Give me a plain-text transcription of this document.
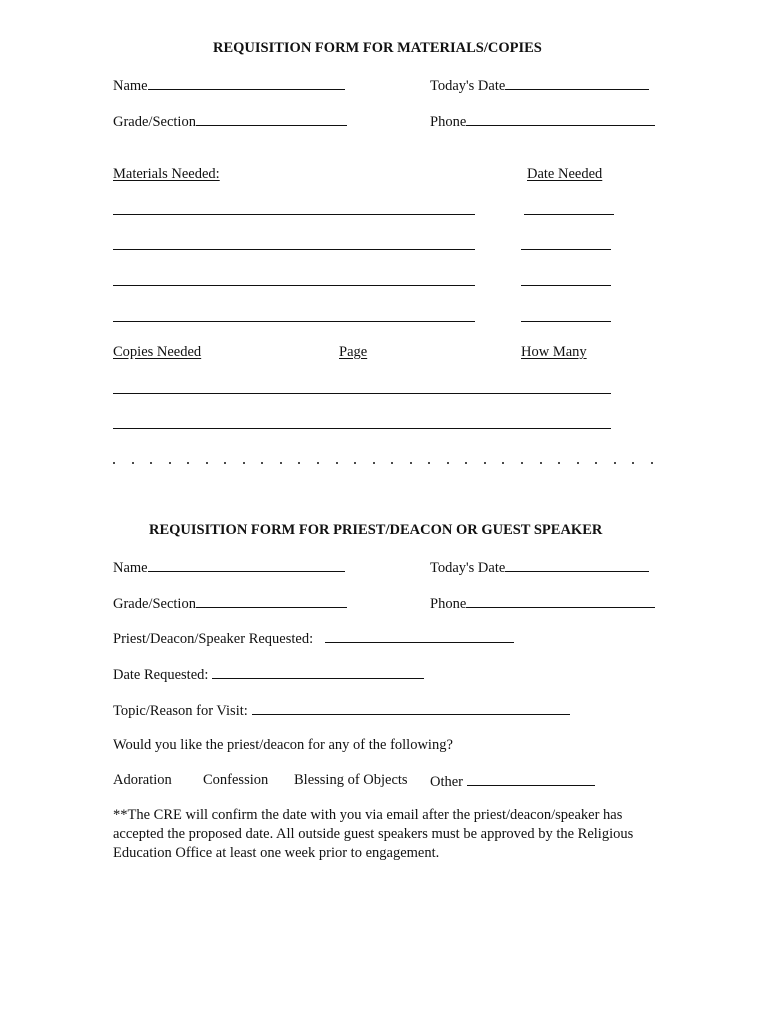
REQUISITION FORM FOR MATERIALS/COPIES
Name	Today's Date
Grade/Section	Phone
Materials Needed:	Date Needed
Copies Needed	Page	How Many
REQUISITION FORM FOR PRIEST/DEACON OR GUEST SPEAKER
Name	Today's Date
Grade/Section	Phone
Priest/Deacon/Speaker Requested:
Date Requested:
Topic/Reason for Visit:
Would you like the priest/deacon for any of the following?
Adoration Confession Blessing of Objects Other
**The CRE will confirm the date with you via email after the priest/deacon/speaker has accepted the proposed date. All outside guest speakers must be approved by the Religious Education Office at least one week prior to engagement.
